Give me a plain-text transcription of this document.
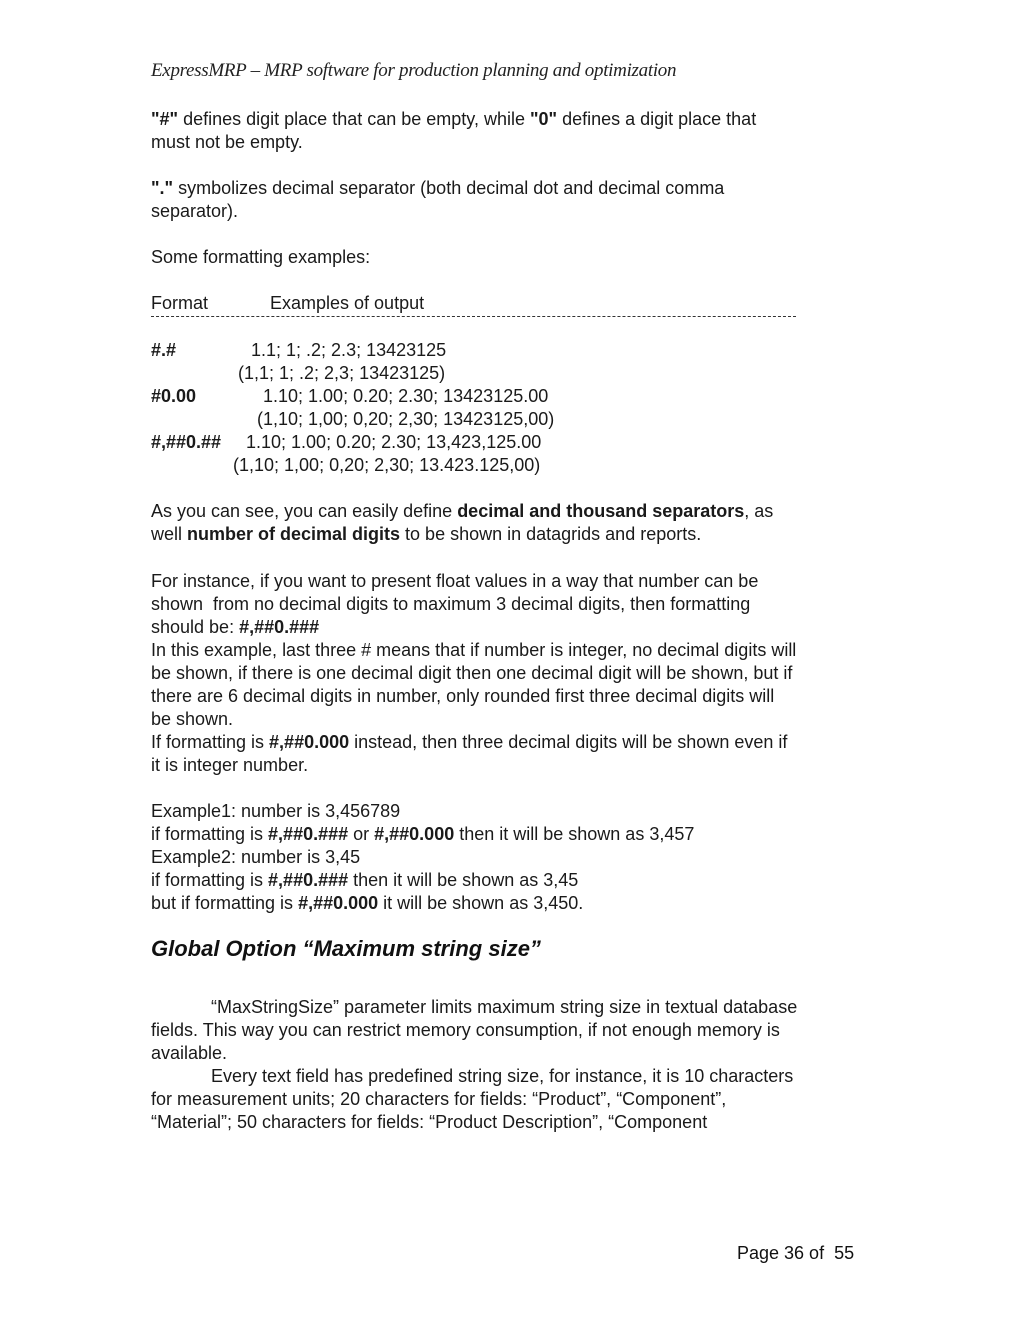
ExpressMRP – MRP software for production planning and optimization

"#" defines digit place that can be empty, while "0" defines a digit place that

must not be empty.

"." symbolizes decimal separator (both decimal dot and decimal comma

separator).

Some formatting examples:
Format	Examples of output
#.#	1.1; 1; .2; 2.3; 13423125
(1,1; 1; .2; 2,3; 13423125)
#0.00	1.10; 1.00; 0.20; 2.30; 13423125.00
(1,10; 1,00; 0,20; 2,30; 13423125,00)
#,##0.## 1.10; 1.00; 0.20; 2.30; 13,423,125.00
(1,10; 1,00; 0,20; 2,30; 13.423.125,00)

As you can see, you can easily define decimal and thousand separators, as

well number of decimal digits to be shown in datagrids and reports.

For instance, if you want to present float values in a way that number can be

shown  from no decimal digits to maximum 3 decimal digits, then formatting

should be: #,##0.###

In this example, last three # means that if number is integer, no decimal digits will

be shown, if there is one decimal digit then one decimal digit will be shown, but if

there are 6 decimal digits in number, only rounded first three decimal digits will

be shown.

If formatting is #,##0.000 instead, then three decimal digits will be shown even if

it is integer number.

Example1: number is 3,456789

if formatting is #,##0.### or #,##0.000 then it will be shown as 3,457

Example2: number is 3,45

if formatting is #,##0.### then it will be shown as 3,45

but if formatting is #,##0.000 it will be shown as 3,450.

Global Option “Maximum string size”

“MaxStringSize” parameter limits maximum string size in textual database

fields. This way you can restrict memory consumption, if not enough memory is

available.

Every text field has predefined string size, for instance, it is 10 characters

for measurement units; 20 characters for fields: “Product”, “Component”,

“Material”; 50 characters for fields: “Product Description”, “Component

Page 36 of  55
